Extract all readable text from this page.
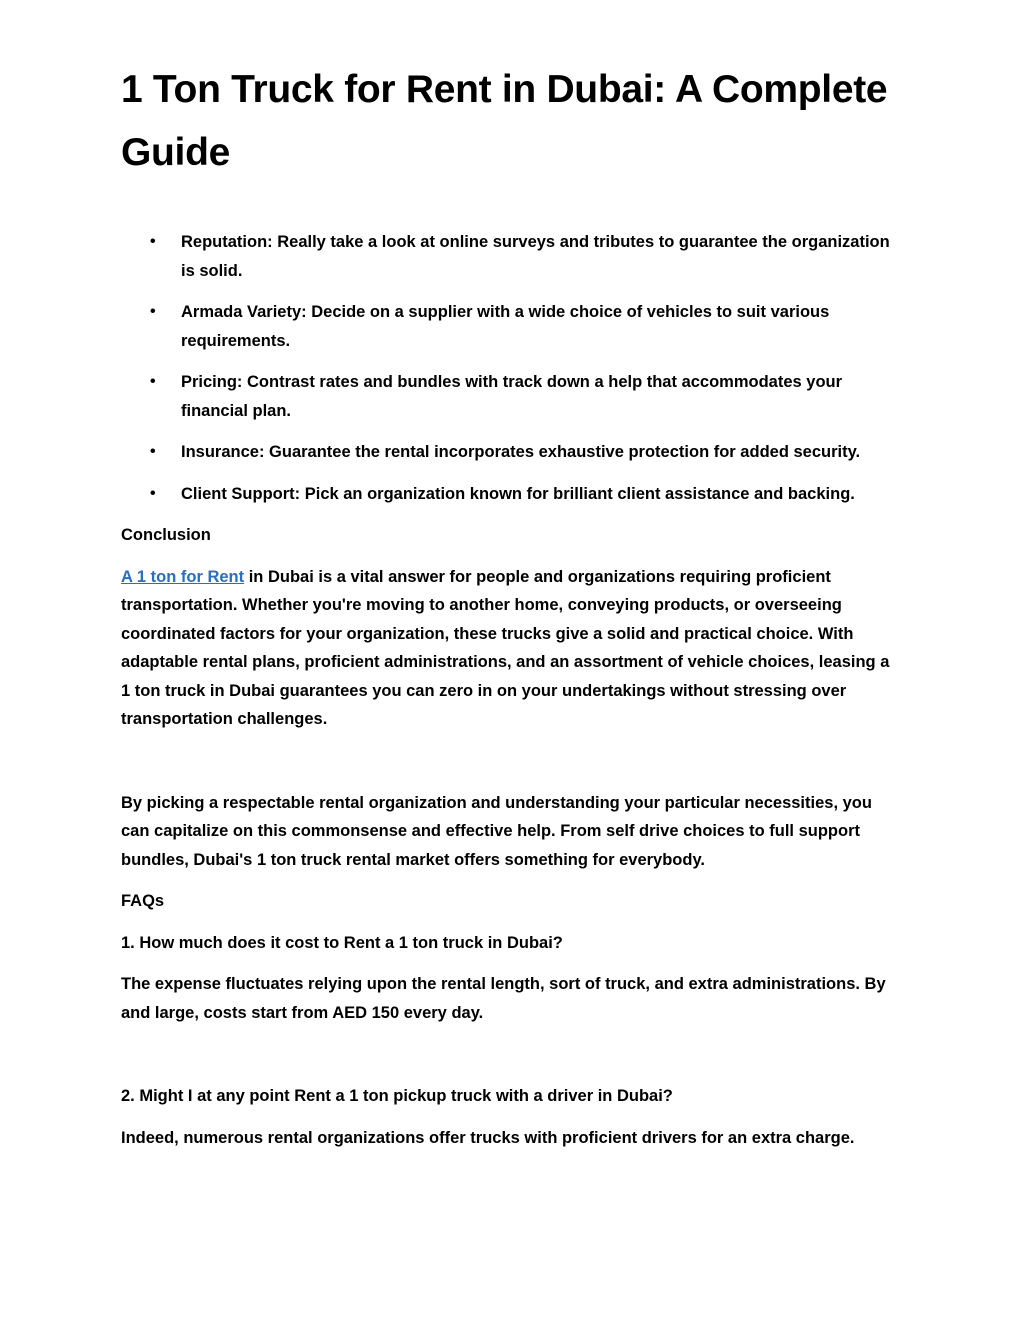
1 Ton Truck for Rent in Dubai: A Complete Guide
• Reputation: Really take a look at online surveys and tributes to guarantee the organization is solid.
• Armada Variety: Decide on a supplier with a wide choice of vehicles to suit various requirements.
• Pricing: Contrast rates and bundles with track down a help that accommodates your financial plan.
• Insurance: Guarantee the rental incorporates exhaustive protection for added security.
• Client Support: Pick an organization known for brilliant client assistance and backing.

Conclusion

A 1 ton for Rent in Dubai is a vital answer for people and organizations requiring proficient transportation. Whether you're moving to another home, conveying products, or overseeing coordinated factors for your organization, these trucks give a solid and practical choice. With adaptable rental plans, proficient administrations, and an assortment of vehicle choices, leasing a 1 ton truck in Dubai guarantees you can zero in on your undertakings without stressing over transportation challenges.

By picking a respectable rental organization and understanding your particular necessities, you can capitalize on this commonsense and effective help. From self drive choices to full support bundles, Dubai's 1 ton truck rental market offers something for everybody.

FAQs

1. How much does it cost to Rent a 1 ton truck in Dubai?

The expense fluctuates relying upon the rental length, sort of truck, and extra administrations. By and large, costs start from AED 150 every day.

2. Might I at any point Rent a 1 ton pickup truck with a driver in Dubai?

Indeed, numerous rental organizations offer trucks with proficient drivers for an extra charge.
